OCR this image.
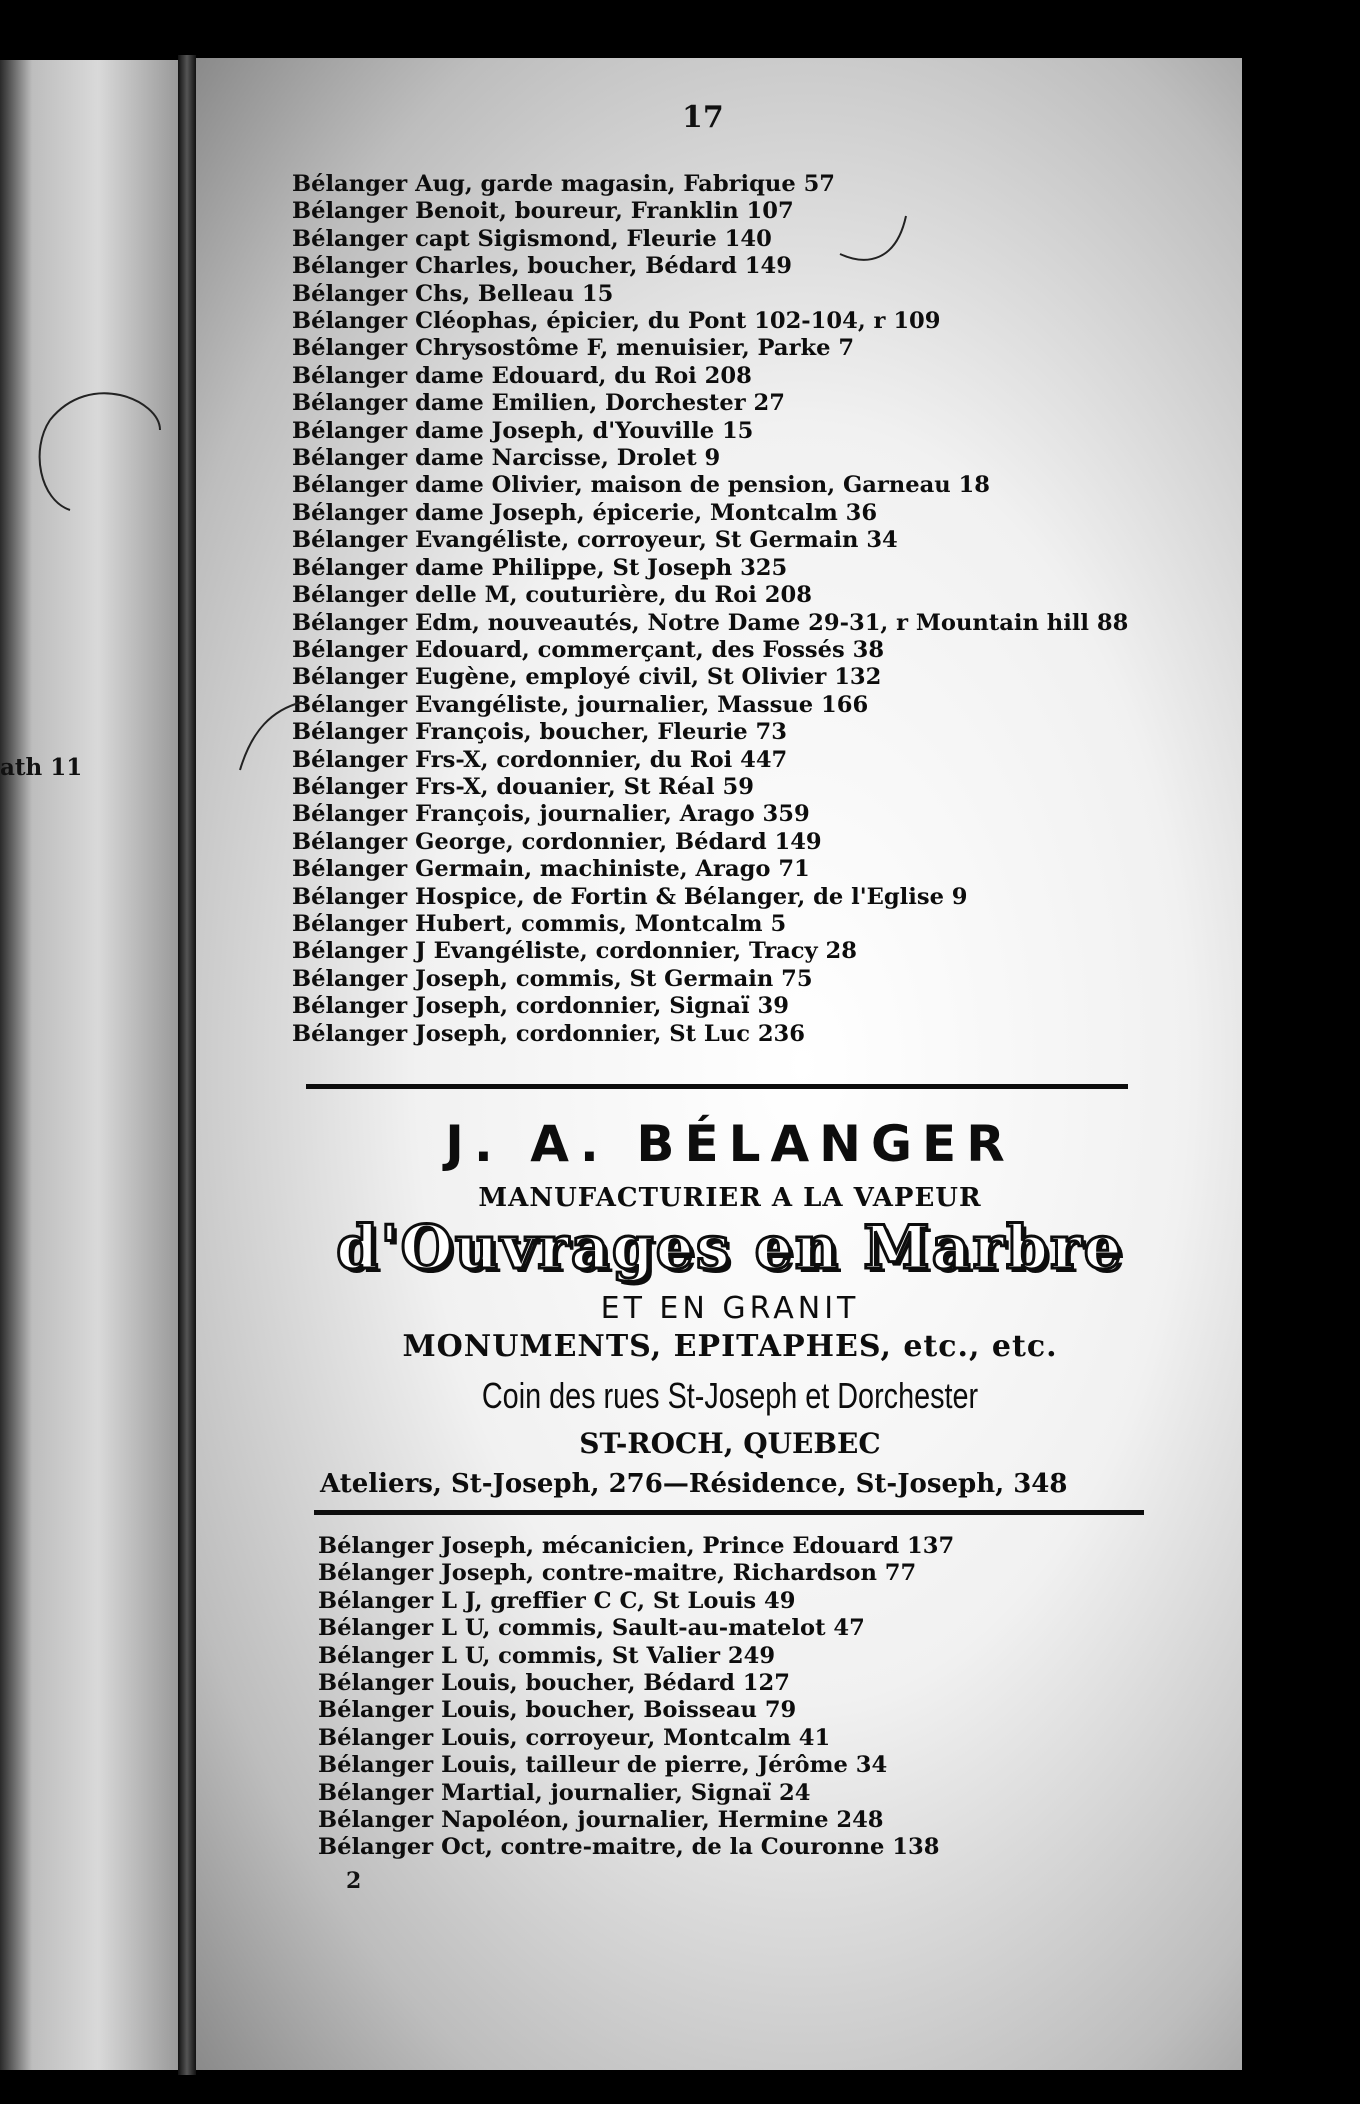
ath 11
17
Bélanger Aug, garde magasin, Fabrique 57
Bélanger Benoit, boureur, Franklin 107
Bélanger capt Sigismond, Fleurie 140
Bélanger Charles, boucher, Bédard 149
Bélanger Chs, Belleau 15
Bélanger Cléophas, épicier, du Pont 102-104, r 109
Bélanger Chrysostôme F, menuisier, Parke 7
Bélanger dame Edouard, du Roi 208
Bélanger dame Emilien, Dorchester 27
Bélanger dame Joseph, d'Youville 15
Bélanger dame Narcisse, Drolet 9
Bélanger dame Olivier, maison de pension, Garneau 18
Bélanger dame Joseph, épicerie, Montcalm 36
Bélanger Evangéliste, corroyeur, St Germain 34
Bélanger dame Philippe, St Joseph 325
Bélanger delle M, couturière, du Roi 208
Bélanger Edm, nouveautés, Notre Dame 29-31, r Mountain hill 88
Bélanger Edouard, commerçant, des Fossés 38
Bélanger Eugène, employé civil, St Olivier 132
Bélanger Evangéliste, journalier, Massue 166
Bélanger François, boucher, Fleurie 73
Bélanger Frs-X, cordonnier, du Roi 447
Bélanger Frs-X, douanier, St Réal 59
Bélanger François, journalier, Arago 359
Bélanger George, cordonnier, Bédard 149
Bélanger Germain, machiniste, Arago 71
Bélanger Hospice, de Fortin & Bélanger, de l'Eglise 9
Bélanger Hubert, commis, Montcalm 5
Bélanger J Evangéliste, cordonnier, Tracy 28
Bélanger Joseph, commis, St Germain 75
Bélanger Joseph, cordonnier, Signaï 39
Bélanger Joseph, cordonnier, St Luc 236
J. A. BÉLANGER
MANUFACTURIER A LA VAPEUR
d'Ouvrages en Marbre
ET EN GRANIT
MONUMENTS, EPITAPHES, etc., etc.
Coin des rues St-Joseph et Dorchester
ST-ROCH, QUEBEC
Ateliers, St-Joseph, 276—Résidence, St-Joseph, 348
Bélanger Joseph, mécanicien, Prince Edouard 137
Bélanger Joseph, contre-maitre, Richardson 77
Bélanger L J, greffier C C, St Louis 49
Bélanger L U, commis, Sault-au-matelot 47
Bélanger L U, commis, St Valier 249
Bélanger Louis, boucher, Bédard 127
Bélanger Louis, boucher, Boisseau 79
Bélanger Louis, corroyeur, Montcalm 41
Bélanger Louis, tailleur de pierre, Jérôme 34
Bélanger Martial, journalier, Signaï 24
Bélanger Napoléon, journalier, Hermine 248
Bélanger Oct, contre-maitre, de la Couronne 138
2
